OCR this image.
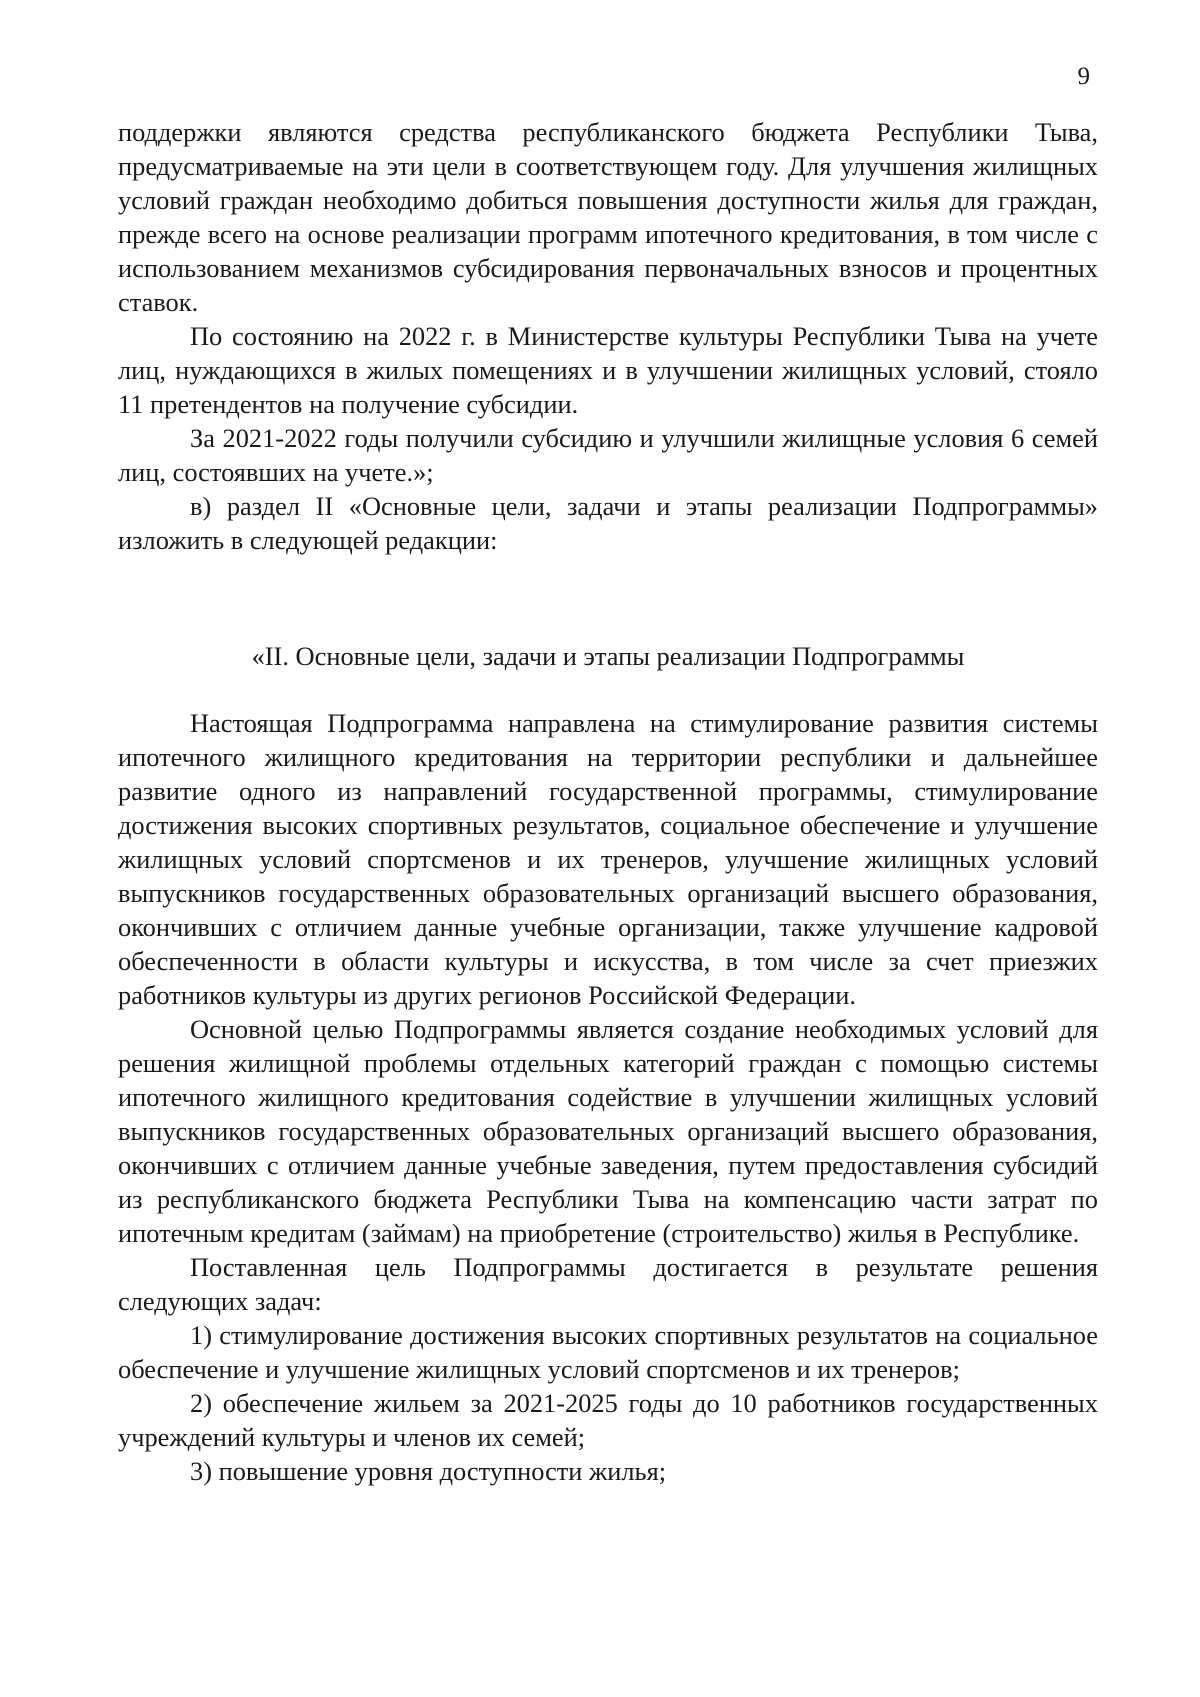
9

поддержки являются средства республиканского бюджета Республики Тыва, предусматриваемые на эти цели в соответствующем году. Для улучшения жилищных условий граждан необходимо добиться повышения доступности жилья для граждан, прежде всего на основе реализации программ ипотечного кредитования, в том числе с использованием механизмов субсидирования первоначальных взносов и процентных ставок.

По состоянию на 2022 г. в Министерстве культуры Республики Тыва на учете лиц, нуждающихся в жилых помещениях и в улучшении жилищных условий, стояло 11 претендентов на получение субсидии.

За 2021-2022 годы получили субсидию и улучшили жилищные условия 6 семей лиц, состоявших на учете.»;

в) раздел II «Основные цели, задачи и этапы реализации Подпрограммы» изложить в следующей редакции:

«II. Основные цели, задачи и этапы реализации Подпрограммы

Настоящая Подпрограмма направлена на стимулирование развития системы ипотечного жилищного кредитования на территории республики и дальнейшее развитие одного из направлений государственной программы, стимулирование достижения высоких спортивных результатов, социальное обеспечение и улучшение жилищных условий спортсменов и их тренеров, улучшение жилищных условий выпускников государственных образовательных организаций высшего образования, окончивших с отличием данные учебные организации, также улучшение кадровой обеспеченности в области культуры и искусства, в том числе за счет приезжих работников культуры из других регионов Российской Федерации.

Основной целью Подпрограммы является создание необходимых условий для решения жилищной проблемы отдельных категорий граждан с помощью системы ипотечного жилищного кредитования содействие в улучшении жилищных условий выпускников государственных образовательных организаций высшего образования, окончивших с отличием данные учебные заведения, путем предоставления субсидий из республиканского бюджета Республики Тыва на компенсацию части затрат по ипотечным кредитам (займам) на приобретение (строительство) жилья в Республике.

Поставленная цель Подпрограммы достигается в результате решения следующих задач:

1) стимулирование достижения высоких спортивных результатов на социальное обеспечение и улучшение жилищных условий спортсменов и их тренеров;

2) обеспечение жильем за 2021-2025 годы до 10 работников государственных учреждений культуры и членов их семей;

3) повышение уровня доступности жилья;
